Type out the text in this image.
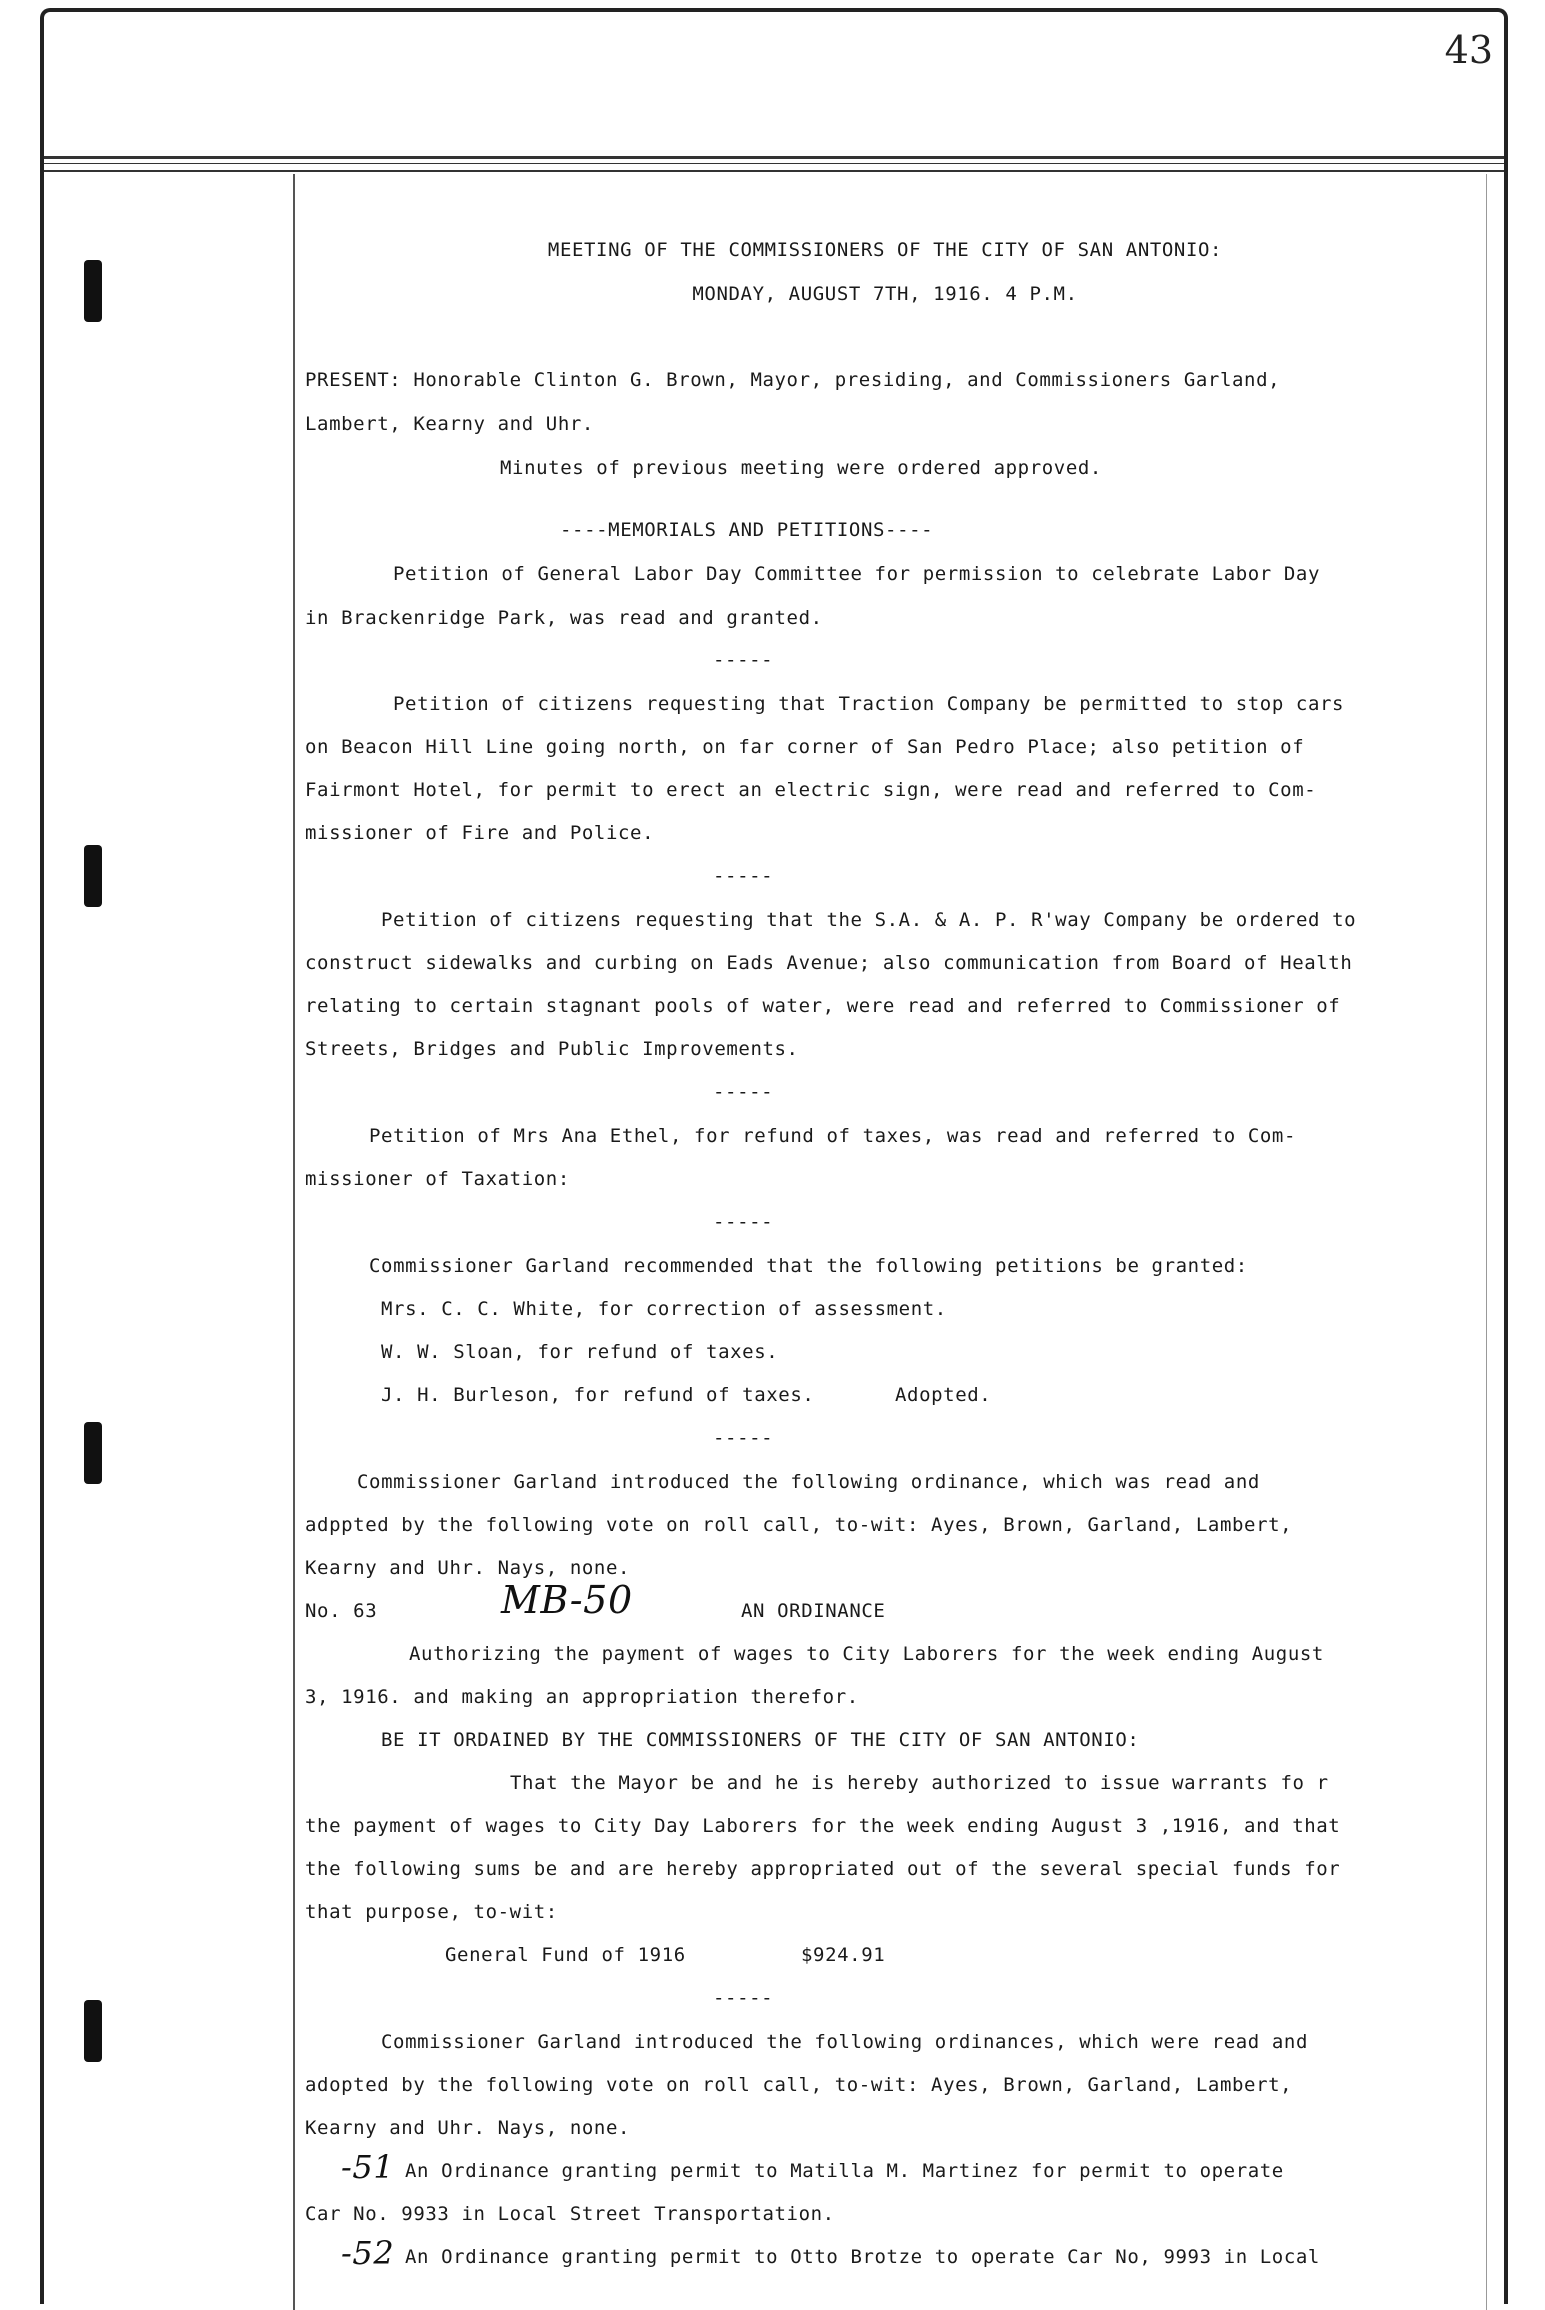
43
MEETING OF THE COMMISSIONERS OF THE CITY OF SAN ANTONIO:
MONDAY, AUGUST 7TH, 1916. 4 P.M.
PRESENT: Honorable Clinton G. Brown, Mayor, presiding, and Commissioners Garland,
Lambert, Kearny and Uhr.
Minutes of previous meeting were ordered approved.
----MEMORIALS AND PETITIONS----
Petition of General Labor Day Committee for permission to celebrate Labor Day
in Brackenridge Park, was read and granted.
-----
Petition of citizens requesting that Traction Company be permitted to stop cars
on Beacon Hill Line going north, on far corner of San Pedro Place; also petition of
Fairmont Hotel, for permit to erect an electric sign, were read and referred to Com-
missioner of Fire and Police.
-----
Petition of citizens requesting that the S.A. & A. P. R'way Company be ordered to
construct sidewalks and curbing on Eads Avenue; also communication from Board of Health
relating to certain stagnant pools of water, were read and referred to Commissioner of
Streets, Bridges and Public Improvements.
-----
Petition of Mrs Ana Ethel, for refund of taxes, was read and referred to Com-
missioner of Taxation:
-----
Commissioner Garland recommended that the following petitions be granted:
Mrs. C. C. White, for correction of assessment.
W. W. Sloan, for refund of taxes.
J. H. Burleson, for refund of taxes.	Adopted.
-----
Commissioner Garland introduced the following ordinance, which was read and
adppted by the following vote on roll call, to-wit: Ayes, Brown, Garland, Lambert,
Kearny and Uhr. Nays, none.
No. 63	MB-50	AN ORDINANCE
Authorizing the payment of wages to City Laborers for the week ending August
3, 1916. and making an appropriation therefor.
BE IT ORDAINED BY THE COMMISSIONERS OF THE CITY OF SAN ANTONIO:
That the Mayor be and he is hereby authorized to issue warrants fo r
the payment of wages to City Day Laborers for the week ending August 3 ,1916, and that
the following sums be and are hereby appropriated out of the several special funds for
that purpose, to-wit:
General Fund of 1916	$924.91
-----
Commissioner Garland introduced the following ordinances, which were read and
adopted by the following vote on roll call, to-wit: Ayes, Brown, Garland, Lambert,
Kearny and Uhr. Nays, none.
-51 An Ordinance granting permit to Matilla M. Martinez for permit to operate
Car No. 9933 in Local Street Transportation.
-52 An Ordinance granting permit to Otto Brotze to operate Car No, 9993 in Local
